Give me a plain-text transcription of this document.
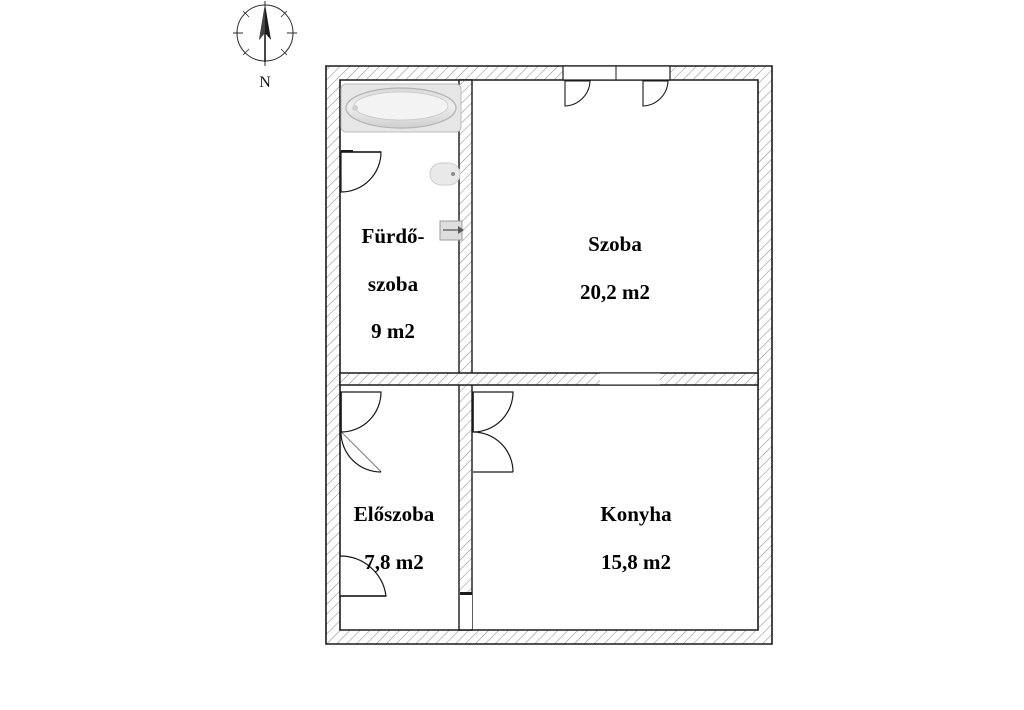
Fürdő-

szoba

9 m2

Szoba

20,2 m2

Előszoba

7,8 m2

Konyha

15,8 m2

N
